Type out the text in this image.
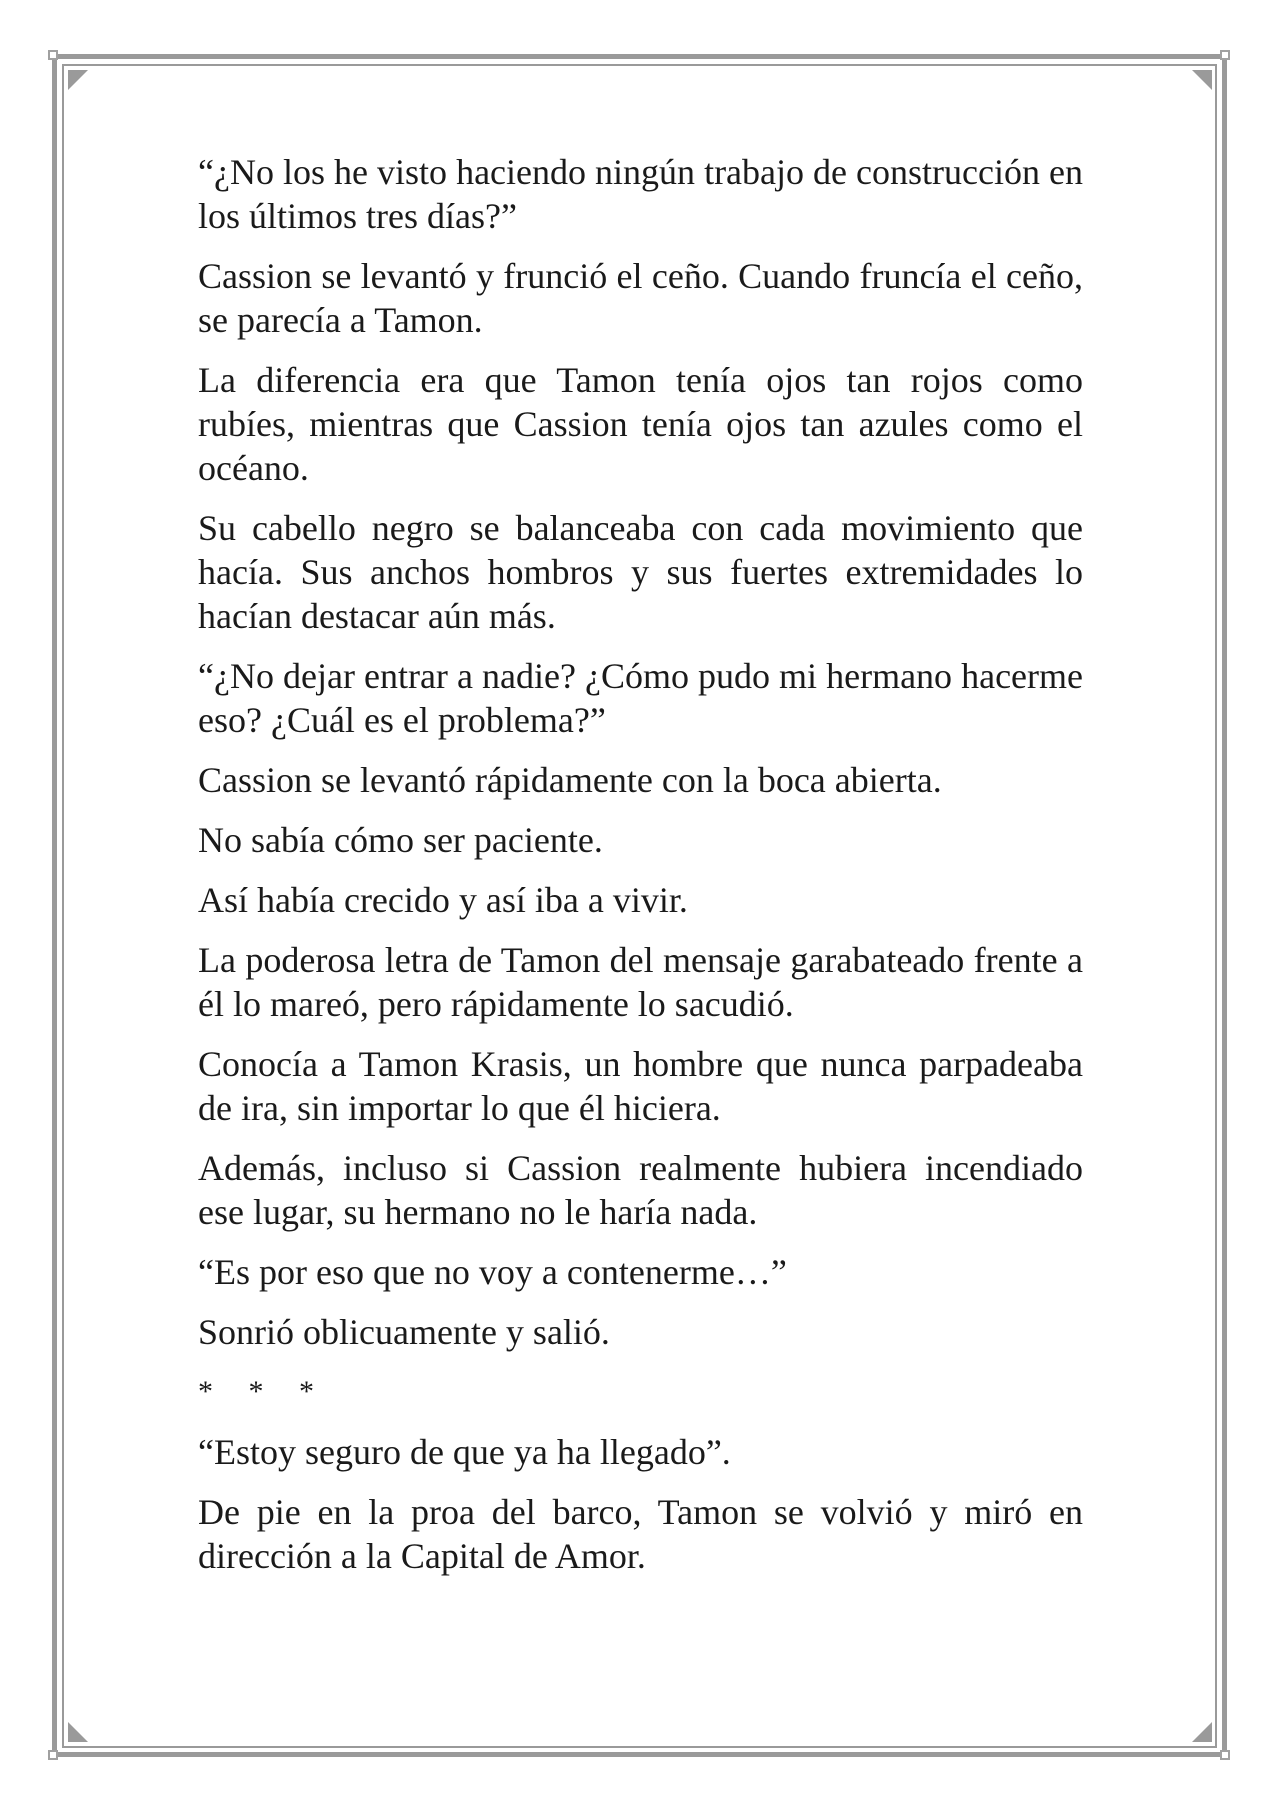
“¿No los he visto haciendo ningún trabajo de construcción en los últimos tres días?”

Cassion se levantó y frunció el ceño. Cuando fruncía el ceño, se parecía a Tamon.

La diferencia era que Tamon tenía ojos tan rojos como rubíes, mientras que Cassion tenía ojos tan azules como el océano.

Su cabello negro se balanceaba con cada movimiento que hacía. Sus anchos hombros y sus fuertes extremidades lo hacían destacar aún más.

“¿No dejar entrar a nadie? ¿Cómo pudo mi hermano hacerme eso? ¿Cuál es el problema?”

Cassion se levantó rápidamente con la boca abierta.

No sabía cómo ser paciente.

Así había crecido y así iba a vivir.

La poderosa letra de Tamon del mensaje garabateado frente a él lo mareó, pero rápidamente lo sacudió.

Conocía a Tamon Krasis, un hombre que nunca parpadeaba de ira, sin importar lo que él hiciera.

Además, incluso si Cassion realmente hubiera incendiado ese lugar, su hermano no le haría nada.

“Es por eso que no voy a contenerme…”

Sonrió oblicuamente y salió.

* * *

“Estoy seguro de que ya ha llegado”.

De pie en la proa del barco, Tamon se volvió y miró en dirección a la Capital de Amor.
